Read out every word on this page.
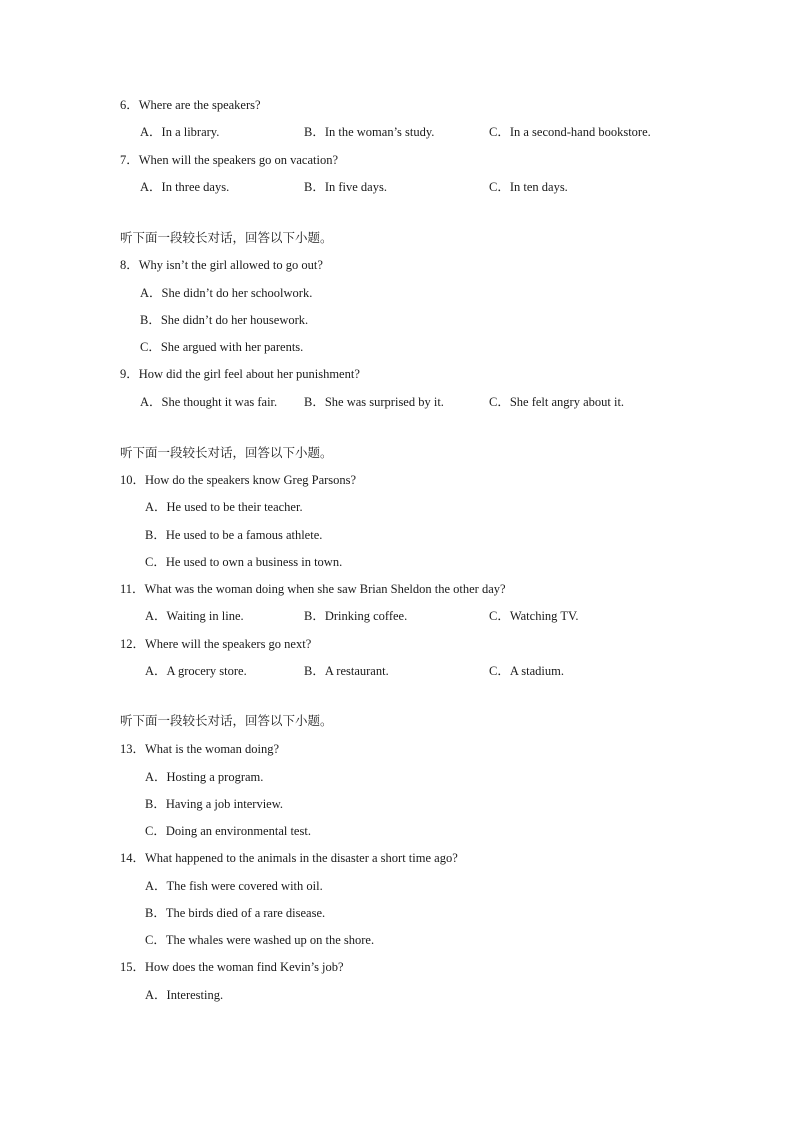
6．Where are the speakers?
A．In a library.	B．In the woman’s study.	C．In a second-hand bookstore.
7．When will the speakers go on vacation?
A．In three days.	B．In five days.	C．In ten days.
听下面一段较长对话，回答以下小题。
8．Why isn’t the girl allowed to go out?
A．She didn’t do her schoolwork.
B．She didn’t do her housework.
C．She argued with her parents.
9．How did the girl feel about her punishment?
A．She thought it was fair. B．She was surprised by it.	C．She felt angry about it.
听下面一段较长对话，回答以下小题。
10．How do the speakers know Greg Parsons?
A．He used to be their teacher.
B．He used to be a famous athlete.
C．He used to own a business in town.
11．What was the woman doing when she saw Brian Sheldon the other day?
A．Waiting in line.	B．Drinking coffee.	C．Watching TV.
12．Where will the speakers go next?
A．A grocery store.	B．A restaurant.	C．A stadium.
听下面一段较长对话，回答以下小题。
13．What is the woman doing?
A．Hosting a program.
B．Having a job interview.
C．Doing an environmental test.
14．What happened to the animals in the disaster a short time ago?
A．The fish were covered with oil.
B．The birds died of a rare disease.
C．The whales were washed up on the shore.
15．How does the woman find Kevin’s job?
A．Interesting.
